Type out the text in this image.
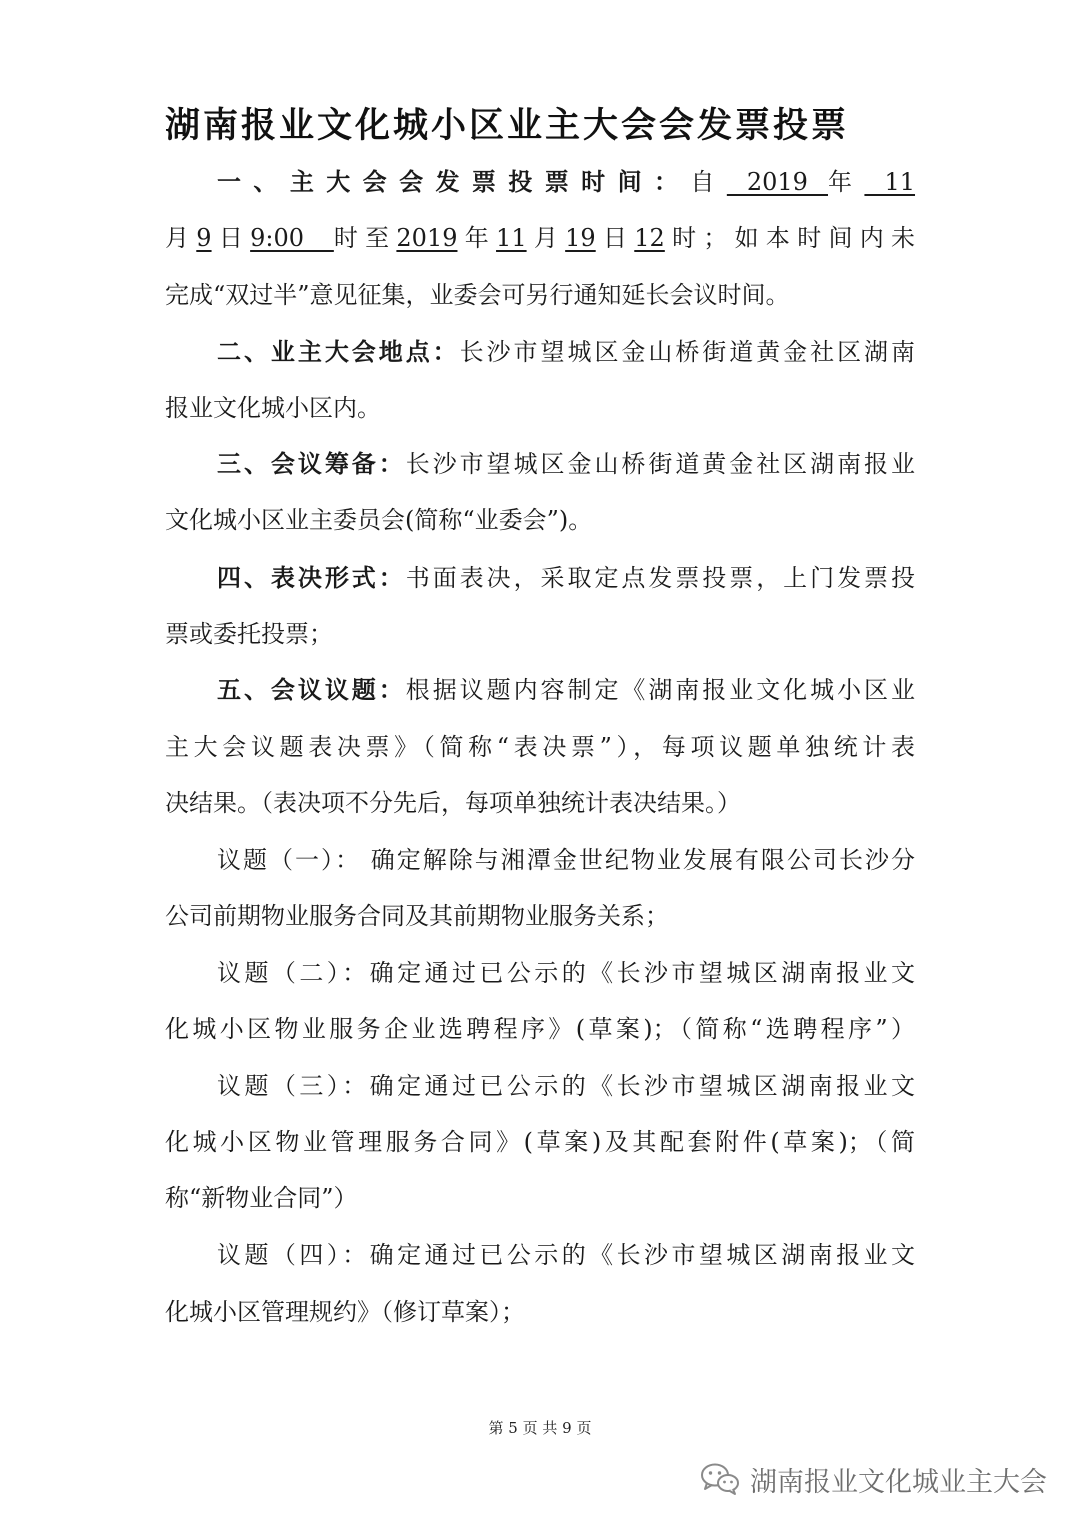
湖南报业文化城小区业主大会会发票投票
一、主大会会发票投票时间：自 2019 年 11
月9日9:00  时至2019年11月19日12时；如本时间内未
完成“双过半”意见征集，业委会可另行通知延长会议时间。
二、业主大会地点：长沙市望城区金山桥街道黄金社区湖南
报业文化城小区内。
三、会议筹备：长沙市望城区金山桥街道黄金社区湖南报业
文化城小区业主委员会(简称“业委会”)。
四、表决形式：书面表决，采取定点发票投票，上门发票投
票或委托投票；
五、会议议题：根据议题内容制定《湖南报业文化城小区业
主大会议题表决票》（简称“表决票”），每项议题单独统计表
决结果。（表决项不分先后，每项单独统计表决结果。）
议题（一）： 确定解除与湘潭金世纪物业发展有限公司长沙分
公司前期物业服务合同及其前期物业服务关系；
议题（二）：确定通过已公示的《长沙市望城区湖南报业文
化城小区物业服务企业选聘程序》(草案)；（简称“选聘程序”）
议题（三）：确定通过已公示的《长沙市望城区湖南报业文
化城小区物业管理服务合同》(草案)及其配套附件(草案)；（简
称“新物业合同”）
议题（四）：确定通过已公示的《长沙市望城区湖南报业文
化城小区管理规约》（修订草案）；
第 5 页 共 9 页
湖南报业文化城业主大会
